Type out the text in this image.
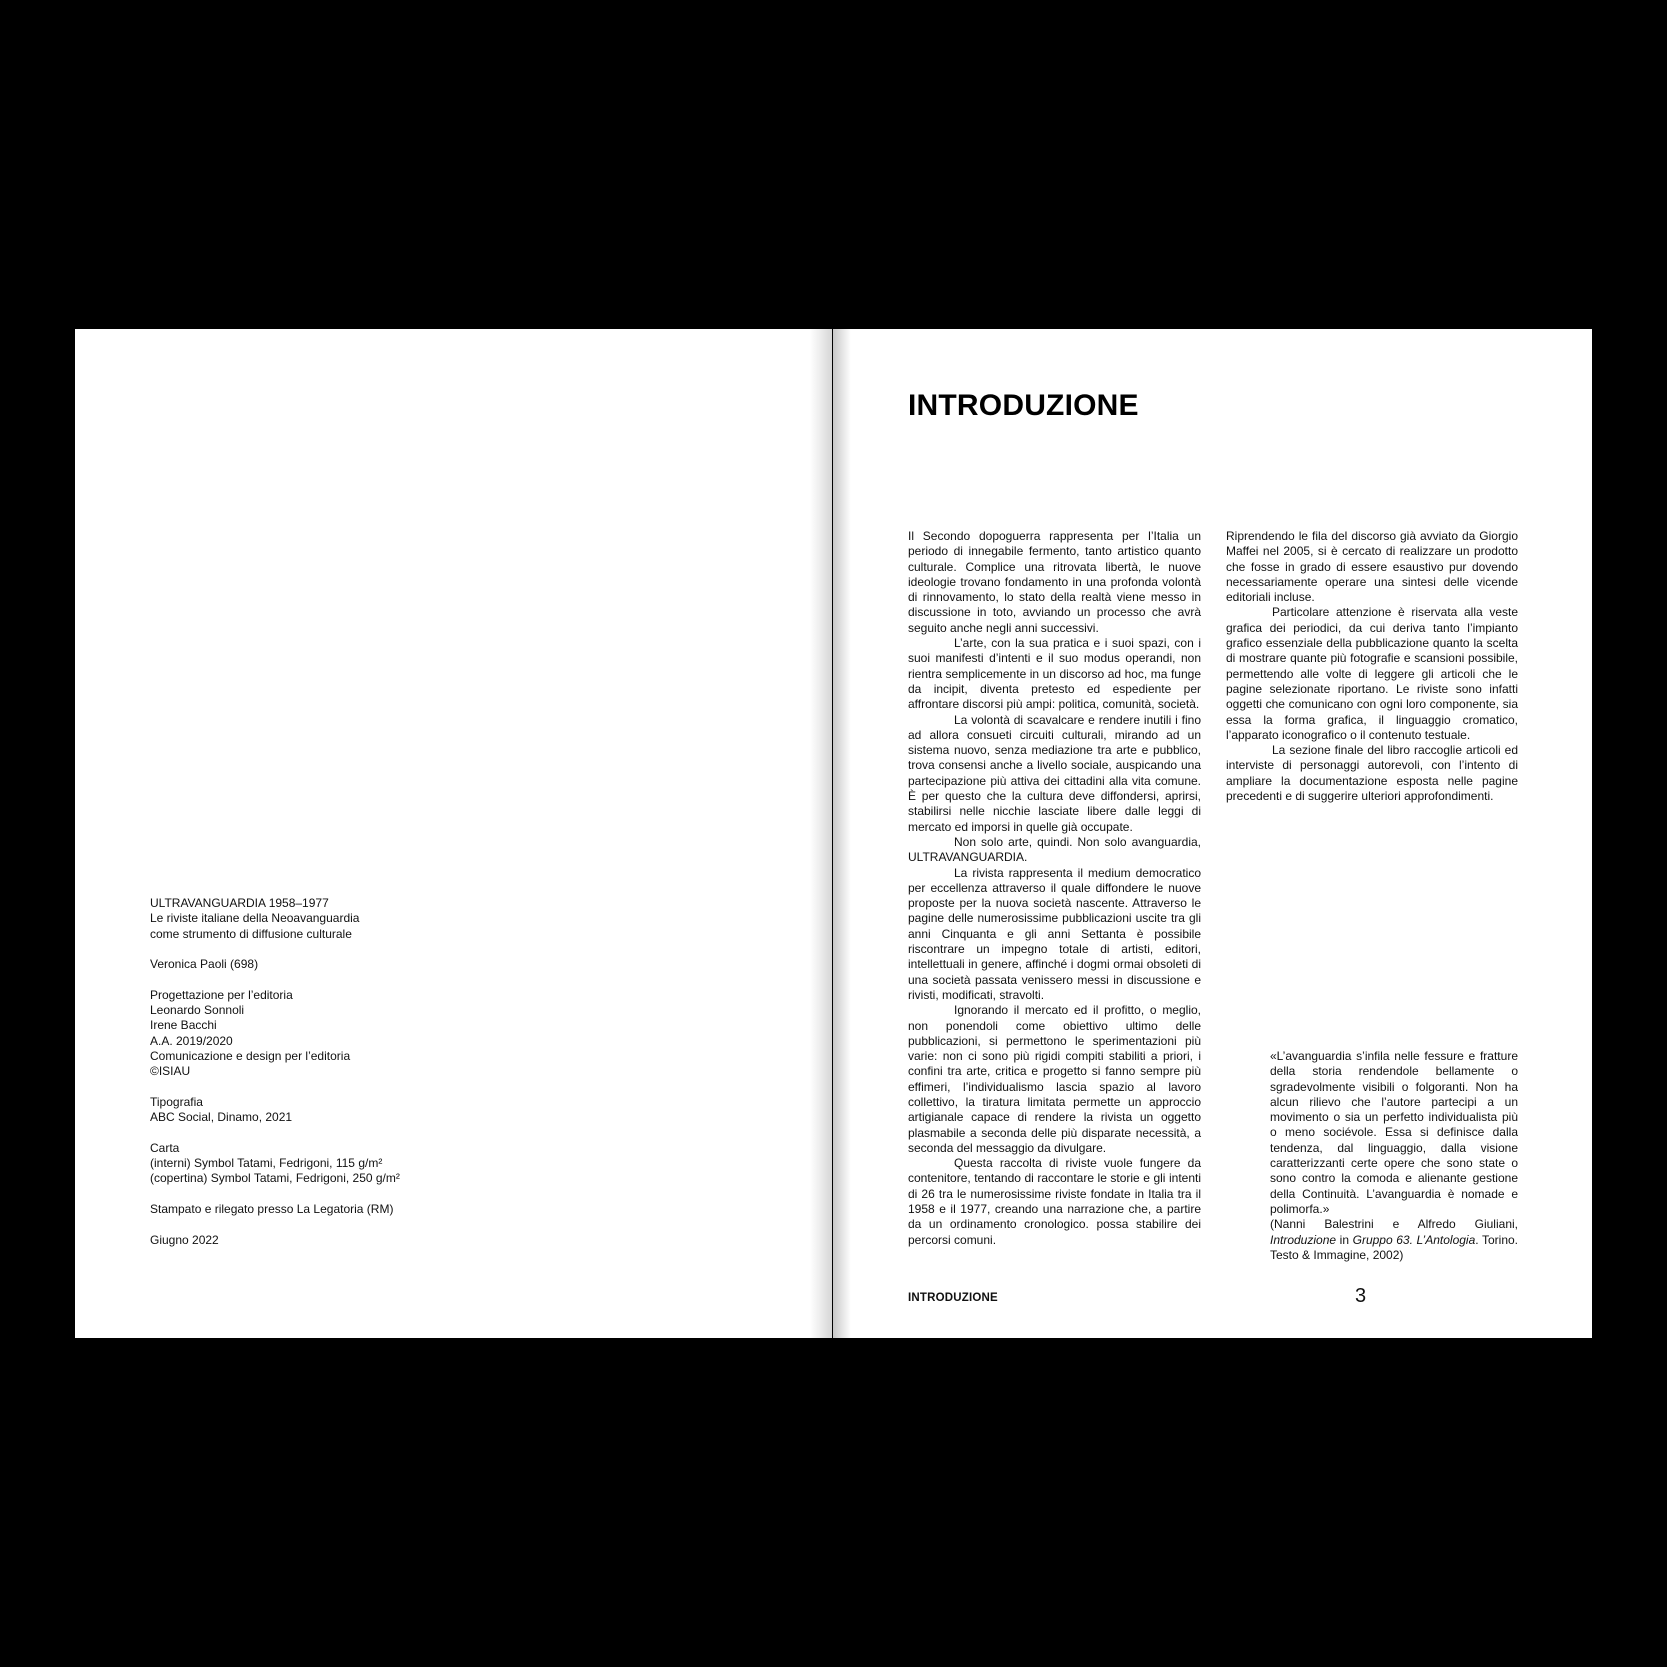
ULTRAVANGUARDIA 1958–1977
Le riviste italiane della Neoavanguardia
come strumento di diffusione culturale
Veronica Paoli (698)
Progettazione per l’editoria
Leonardo Sonnoli
Irene Bacchi
A.A. 2019/2020
Comunicazione e design per l’editoria
©ISIAU
Tipografia
ABC Social, Dinamo, 2021
Carta
(interni) Symbol Tatami, Fedrigoni, 115 g/m²
(copertina) Symbol Tatami, Fedrigoni, 250 g/m²
Stampato e rilegato presso La Legatoria (RM)
Giugno 2022
INTRODUZIONE

Il Secondo dopoguerra rappresenta per l’Italia un periodo di innegabile fermento, tanto artistico quanto culturale. Complice una ritrovata libertà, le nuove ideologie trovano fondamento in una profonda volontà di rinnovamento, lo stato della realtà viene messo in discussione in toto, avviando un processo che avrà seguito anche negli anni successivi.

L’arte, con la sua pratica e i suoi spazi, con i suoi manifesti d’intenti e il suo modus operandi, non rientra semplicemente in un discorso ad hoc, ma funge da incipit, diventa pretesto ed espediente per affrontare discorsi più ampi: politica, comunità, società.

La volontà di scavalcare e rendere inutili i fino ad allora consueti circuiti culturali, mirando ad un sistema nuovo, senza mediazione tra arte e pubblico, trova consensi anche a livello sociale, auspicando una partecipazione più attiva dei cittadini alla vita comune. È per questo che la cultura deve diffondersi, aprirsi, stabilirsi nelle nicchie lasciate libere dalle leggi di mercato ed imporsi in quelle già occupate.

Non solo arte, quindi. Non solo avanguardia, ULTRAVANGUARDIA.

La rivista rappresenta il medium democratico per eccellenza attraverso il quale diffondere le nuove proposte per la nuova società nascente. Attraverso le pagine delle numerosissime pubblicazioni uscite tra gli anni Cinquanta e gli anni Settanta è possibile riscontrare un impegno totale di artisti, editori, intellettuali in genere, affinché i dogmi ormai obsoleti di una società passata venissero messi in discussione e rivisti, modificati, stravolti.

Ignorando il mercato ed il profitto, o meglio, non ponendoli come obiettivo ultimo delle pubblicazioni, si permettono le sperimentazioni più varie: non ci sono più rigidi compiti stabiliti a priori, i confini tra arte, critica e progetto si fanno sempre più effimeri, l’individualismo lascia spazio al lavoro collettivo, la tiratura limitata permette un approccio artigianale capace di rendere la rivista un oggetto plasmabile a seconda delle più disparate necessità, a seconda del messaggio da divulgare.

Questa raccolta di riviste vuole fungere da contenitore, tentando di raccontare le storie e gli intenti di 26 tra le numerosissime riviste fondate in Italia tra il 1958 e il 1977, creando una narrazione che, a partire da un ordinamento cronologico. possa stabilire dei percorsi comuni.

Riprendendo le fila del discorso già avviato da Giorgio Maffei nel 2005, si è cercato di realizzare un prodotto che fosse in grado di essere esaustivo pur dovendo necessariamente operare una sintesi delle vicende editoriali incluse.

Particolare attenzione è riservata alla veste grafica dei periodici, da cui deriva tanto l’impianto grafico essenziale della pubblicazione quanto la scelta di mostrare quante più fotografie e scansioni possibile, permettendo alle volte di leggere gli articoli che le pagine selezionate riportano. Le riviste sono infatti oggetti che comunicano con ogni loro componente, sia essa la forma grafica, il linguaggio cromatico, l’apparato iconografico o il contenuto testuale.

La sezione finale del libro raccoglie articoli ed interviste di personaggi autorevoli, con l’intento di ampliare la documentazione esposta nelle pagine precedenti e di suggerire ulteriori approfondimenti.

«L’avanguardia s’infila nelle fessure e fratture della storia rendendole bellamente o sgradevolmente visibili o folgoranti. Non ha alcun rilievo che l’autore partecipi a un movimento o sia un perfetto individualista più o meno sociévole. Essa si definisce dalla tendenza, dal linguaggio, dalla visione caratterizzanti certe opere che sono state o sono contro la comoda e alienante gestione della Continuità. L’avanguardia è nomade e polimorfa.»

(Nanni Balestrini e Alfredo Giuliani, Introduzione in Gruppo 63. L’Antologia. Torino. Testo & Immagine, 2002)

INTRODUZIONE	3
